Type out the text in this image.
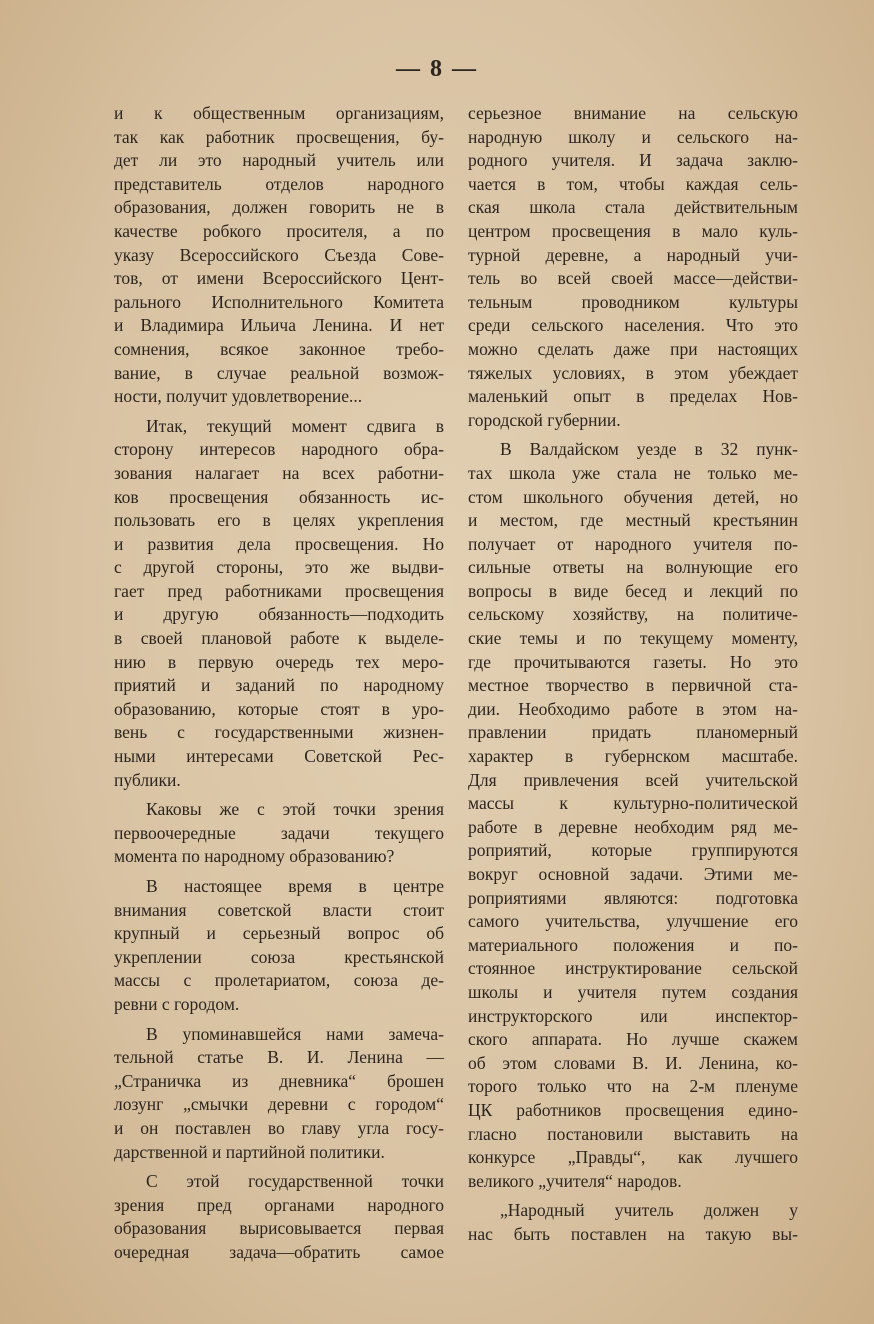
— 8 —
и к общественным организациям,
так как работник просвещения, бу-
дет ли это народный учитель или
представитель отделов народного
образования, должен говорить не в
качестве робкого просителя, а по
указу Всероссийского Съезда Сове-
тов, от имени Всероссийского Цент-
рального Исполнительного Комитета
и Владимира Ильича Ленина. И нет
сомнения, всякое законное требо-
вание, в случае реальной возмож-
ности, получит удовлетворение...
Итак, текущий момент сдвига в
сторону интересов народного обра-
зования налагает на всех работни-
ков просвещения обязанность ис-
пользовать его в целях укрепления
и развития дела просвещения. Но
с другой стороны, это же выдви-
гает пред работниками просвещения
и другую обязанность—подходить
в своей плановой работе к выделе-
нию в первую очередь тех меро-
приятий и заданий по народному
образованию, которые стоят в уро-
вень с государственными жизнен-
ными интересами Советской Рес-
публики.
Каковы же с этой точки зрения
первоочередные задачи текущего
момента по народному образованию?
В настоящее время в центре
внимания советской власти стоит
крупный и серьезный вопрос об
укреплении союза крестьянской
массы с пролетариатом, союза де-
ревни с городом.
В упоминавшейся нами замеча-
тельной статье В. И. Ленина —
„Страничка из дневника“ брошен
лозунг „смычки деревни с городом“
и он поставлен во главу угла госу-
дарственной и партийной политики.
С этой государственной точки
зрения пред органами народного
образования вырисовывается первая
очередная задача—обратить самое
серьезное внимание на сельскую
народную школу и сельского на-
родного учителя. И задача заклю-
чается в том, чтобы каждая сель-
ская школа стала действительным
центром просвещения в мало куль-
турной деревне, а народный учи-
тель во всей своей массе—действи-
тельным проводником культуры
среди сельского населения. Что это
можно сделать даже при настоящих
тяжелых условиях, в этом убеждает
маленький опыт в пределах Нов-
городской губернии.
В Валдайском уезде в 32 пунк-
тах школа уже стала не только ме-
стом школьного обучения детей, но
и местом, где местный крестьянин
получает от народного учителя по-
сильные ответы на волнующие его
вопросы в виде бесед и лекций по
сельскому хозяйству, на политиче-
ские темы и по текущему моменту,
где прочитываются газеты. Но это
местное творчество в первичной ста-
дии. Необходимо работе в этом на-
правлении придать планомерный
характер в губернском масштабе.
Для привлечения всей учительской
массы к культурно-политической
работе в деревне необходим ряд ме-
роприятий, которые группируются
вокруг основной задачи. Этими ме-
роприятиями являются: подготовка
самого учительства, улучшение его
материального положения и по-
стоянное инструктирование сельской
школы и учителя путем создания
инструкторского или инспектор-
ского аппарата. Но лучше скажем
об этом словами В. И. Ленина, ко-
торого только что на 2-м пленуме
ЦК работников просвещения едино-
гласно постановили выставить на
конкурсе „Правды“, как лучшего
великого „учителя“ народов.
„Народный учитель должен у
нас быть поставлен на такую вы-
